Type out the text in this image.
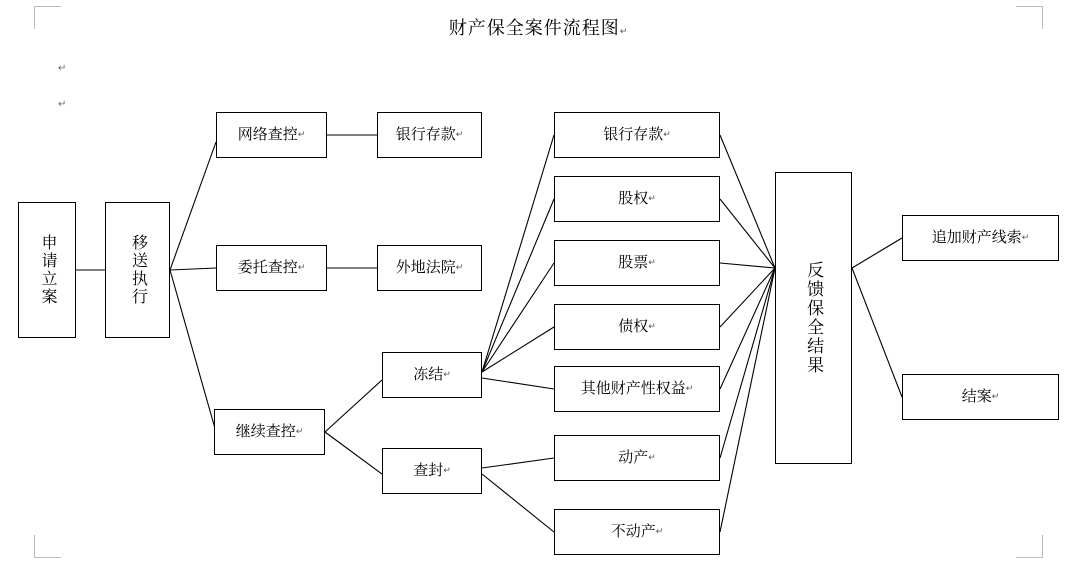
财产保全案件流程图↵
↵
↵
申请立案	移送执行
网络查控 ↵
委托查控 ↵
继续查控 ↵
银行存款 ↵
外地法院 ↵
冻结 ↵
查封 ↵
银行存款 ↵
股权 ↵
股票 ↵
债权 ↵
其他财产性权益 ↵
动产 ↵
不动产 ↵
反馈保全结果
追加财产线索 ↵
结案 ↵
